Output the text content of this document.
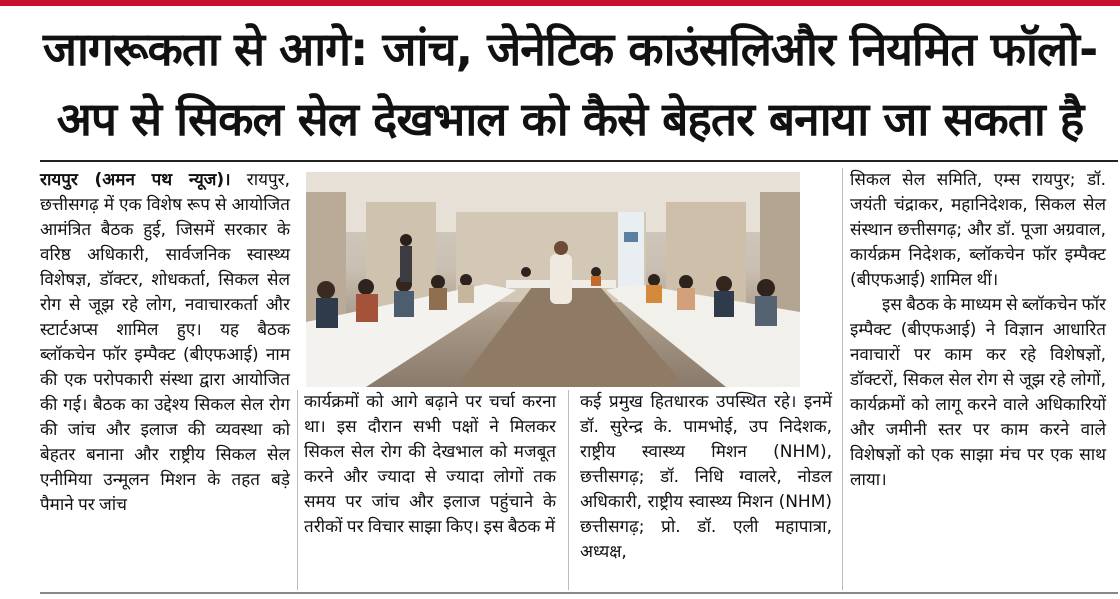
जागरूकता से आगे: जांच, जेनेटिक काउंसलिऔर नियमित फॉलो-
अप से सिकल सेल देखभाल को कैसे बेहतर बनाया जा सकता है

रायपुर (अमन पथ न्यूज)। रायपुर, छत्तीसगढ़ में एक विशेष रूप से आयोजित आमंत्रित बैठक हुई, जिसमें सरकार के वरिष्ठ अधिकारी, सार्वजनिक स्वास्थ्य विशेषज्ञ, डॉक्टर, शोधकर्ता, सिकल सेल रोग से जूझ रहे लोग, नवाचारकर्ता और स्टार्टअप्स शामिल हुए। यह बैठक ब्लॉकचेन फॉर इम्पैक्ट (बीएफआई) नाम की एक परोपकारी संस्था द्वारा आयोजित की गई। बैठक का उद्देश्य सिकल सेल रोग की जांच और इलाज की व्यवस्था को बेहतर बनाना और राष्ट्रीय सिकल सेल एनीमिया उन्मूलन मिशन के तहत बड़े पैमाने पर जांच

कार्यक्रमों को आगे बढ़ाने पर चर्चा करना था। इस दौरान सभी पक्षों ने मिलकर सिकल सेल रोग की देखभाल को मजबूत करने और ज्यादा से ज्यादा लोगों तक समय पर जांच और इलाज पहुंचाने के तरीकों पर विचार साझा किए। इस बैठक में

कई प्रमुख हितधारक उपस्थित रहे। इनमें डॉ. सुरेन्द्र के. पामभोई, उप निदेशक, राष्ट्रीय स्वास्थ्य मिशन (NHM), छत्तीसगढ़; डॉ. निधि ग्वालरे, नोडल अधिकारी, राष्ट्रीय स्वास्थ्य मिशन (NHM) छत्तीसगढ़; प्रो. डॉ. एली महापात्रा, अध्यक्ष,

सिकल सेल समिति, एम्स रायपुर; डॉ. जयंती चंद्राकर, महानिदेशक, सिकल सेल संस्थान छत्तीसगढ़; और डॉ. पूजा अग्रवाल, कार्यक्रम निदेशक, ब्लॉकचेन फॉर इम्पैक्ट (बीएफआई) शामिल थीं।

इस बैठक के माध्यम से ब्लॉकचेन फॉर इम्पैक्ट (बीएफआई) ने विज्ञान आधारित नवाचारों पर काम कर रहे विशेषज्ञों, डॉक्टरों, सिकल सेल रोग से जूझ रहे लोगों, कार्यक्रमों को लागू करने वाले अधिकारियों और जमीनी स्तर पर काम करने वाले विशेषज्ञों को एक साझा मंच पर एक साथ लाया।
